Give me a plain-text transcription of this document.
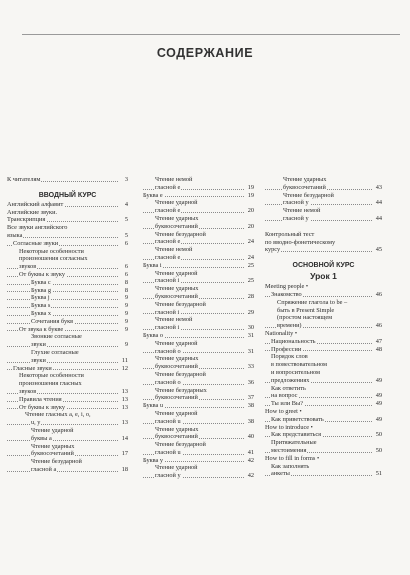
СОДЕРЖАНИЕ
К читателям	3
ВВОДНЫЙ КУРС
Английский алфавит	4
Английские звуки.
Транскрипция	5
Все звуки английского
языка	5
Согласные звуки	6
Некоторые особенности
произношения согласных
звуков	6
От буквы к звуку	6
Буква c	8
Буква g	8
Буква j	9
Буква s	9
Буква x	9
Сочетания букв	9
От звука к букве	9
Звонкие согласные
звуки	9
Глухие согласные
звуки	11
Гласные звуки	12
Некоторые особенности
произношения гласных
звуков	13
Правила чтения	13
От буквы к звуку	13
Чтение гласных a, e, i, o,
u, y	13
Чтение ударной
буквы a	14
Чтение ударных
буквосочетаний	17
Чтение безударной
гласной a	18
Чтение немой
гласной e	19
Буква e	19
Чтение ударной
гласной e	20
Чтение ударных
буквосочетаний	20
Чтение безударной
гласной e	24
Чтение немой
гласной e	24
Буква i	25
Чтение ударной
гласной i	25
Чтение ударных
буквосочетаний	28
Чтение безударной
гласной i	29
Чтение немой
гласной i	30
Буква o	31
Чтение ударной
гласной o	31
Чтение ударных
буквосочетаний	33
Чтение безударной
гласной o	36
Чтение безударных
буквосочетаний	37
Буква u	38
Чтение ударной
гласной u	38
Чтение ударных
буквосочетаний	40
Чтение безударной
гласной u	41
Буква y	42
Чтение ударной
гласной y	42
Чтение ударных
буквосочетаний	43
Чтение безударной
гласной y	44
Чтение немой
гласной y	44
Контрольный тест
по вводно-фонетическому
курсу	45
ОСНОВНОЙ КУРС
Урок 1
Meeting people •
Знакомство	46
Спряжение глагола to be –
быть в Present Simple
(простом настоящем
времени)	46
Nationality •
Национальность	47
Профессии	48
Порядок слов
в повествовательном
и вопросительном
предложениях	49
Как ответить
на вопрос	49
Ты или Вы?	49
How to greet •
Как приветствовать	49
How to introduce •
Как представиться	50
Притяжательные
местоимения	50
How to fill in forms •
Как заполнять
анкеты	51
